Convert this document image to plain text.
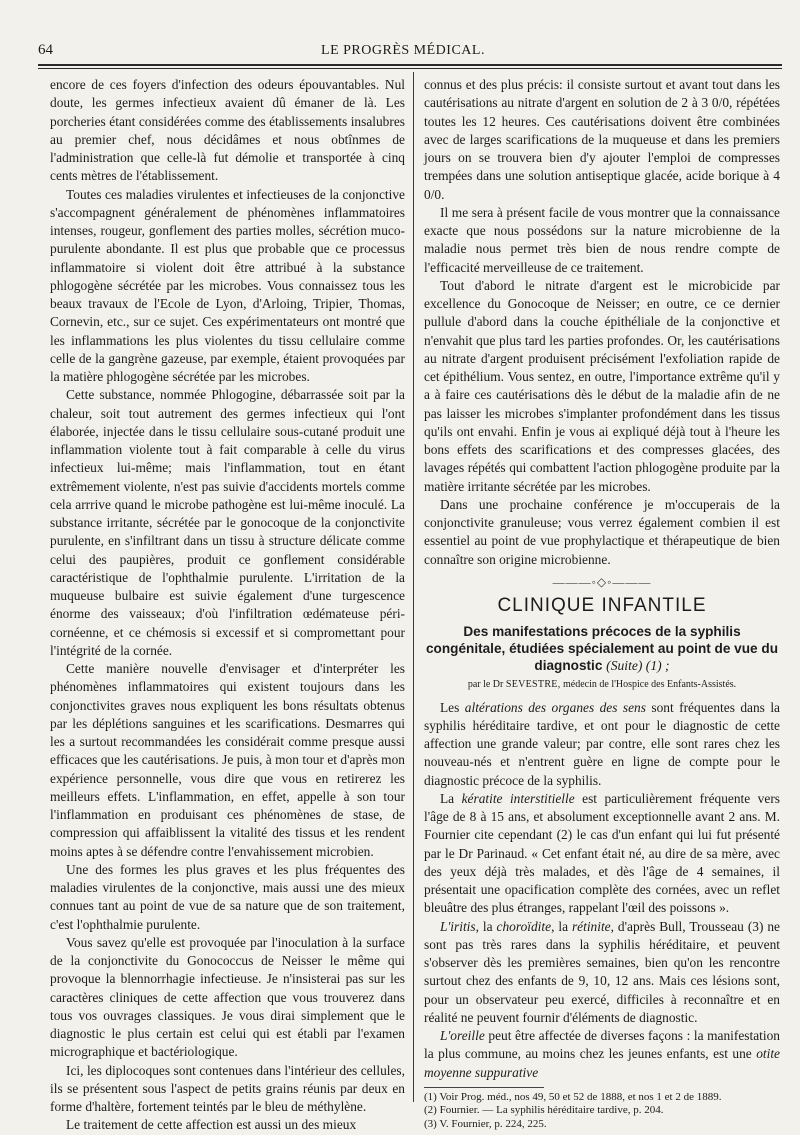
64	LE PROGRÈS MÉDICAL.

encore de ces foyers d'infection des odeurs épouvantables. Nul doute, les germes infectieux avaient dû émaner de là. Les porcheries étant considérées comme des établissements insalubres au premier chef, nous décidâmes et nous obtînmes de l'administration que celle-là fut démolie et transportée à cinq cents mètres de l'établissement.

Toutes ces maladies virulentes et infectieuses de la conjonctive s'accompagnent généralement de phénomènes inflammatoires intenses, rougeur, gonflement des parties molles, sécrétion muco-purulente abondante. Il est plus que probable que ce processus inflammatoire si violent doit être attribué à la substance phlogogène sécrétée par les microbes. Vous connaissez tous les beaux travaux de l'Ecole de Lyon, d'Arloing, Tripier, Thomas, Cornevin, etc., sur ce sujet. Ces expérimentateurs ont montré que les inflammations les plus violentes du tissu cellulaire comme celle de la gangrène gazeuse, par exemple, étaient provoquées par la matière phlogogène sécrétée par les microbes.

Cette substance, nommée Phlogogine, débarrassée soit par la chaleur, soit tout autrement des germes infectieux qui l'ont élaborée, injectée dans le tissu cellulaire sous-cutané produit une inflammation violente tout à fait comparable à celle du virus infectieux lui-même; mais l'inflammation, tout en étant extrêmement violente, n'est pas suivie d'accidents mortels comme cela arrrive quand le microbe pathogène est lui-même inoculé. La substance irritante, sécrétée par le gonocoque de la conjonctivite purulente, en s'infiltrant dans un tissu à structure délicate comme celui des paupières, produit ce gonflement considérable caractéristique de l'ophthalmie purulente. L'irritation de la muqueuse bulbaire est suivie également d'une turgescence énorme des vaisseaux; d'où l'infiltration œdémateuse péri-cornéenne, et ce chémosis si excessif et si compromettant pour l'intégrité de la cornée.

Cette manière nouvelle d'envisager et d'interpréter les phénomènes inflammatoires qui existent toujours dans les conjonctivites graves nous expliquent les bons résultats obtenus par les déplétions sanguines et les scarifications. Desmarres qui les a surtout recommandées les considérait comme presque aussi efficaces que les cautérisations. Je puis, à mon tour et d'après mon expérience personnelle, vous dire que vous en retirerez les meilleurs effets. L'inflammation, en effet, appelle à son tour l'inflammation en produisant ces phénomènes de stase, de compression qui affaiblissent la vitalité des tissus et les rendent moins aptes à se défendre contre l'envahissement microbien.

Une des formes les plus graves et les plus fréquentes des maladies virulentes de la conjonctive, mais aussi une des mieux connues tant au point de vue de sa nature que de son traitement, c'est l'ophthalmie purulente.

Vous savez qu'elle est provoquée par l'inoculation à la surface de la conjonctivite du Gonococcus de Neisser le même qui provoque la blennorrhagie infectieuse. Je n'insisterai pas sur les caractères cliniques de cette affection que vous trouverez dans tous vos ouvrages classiques. Je vous dirai simplement que le diagnostic le plus certain est celui qui est établi par l'examen micrographique et bactériologique.

Ici, les diplocoques sont contenues dans l'intérieur des cellules, ils se présentent sous l'aspect de petits grains réunis par deux en forme d'haltère, fortement teintés par le bleu de méthylène.

Le traitement de cette affection est aussi un des mieux

connus et des plus précis: il consiste surtout et avant tout dans les cautérisations au nitrate d'argent en solution de 2 à 3 0/0, répétées toutes les 12 heures. Ces cautérisations doivent être combinées avec de larges scarifications de la muqueuse et dans les premiers jours on se trouvera bien d'y ajouter l'emploi de compresses trempées dans une solution antiseptique glacée, acide borique à 4 0/0.

Il me sera à présent facile de vous montrer que la connaissance exacte que nous possédons sur la nature microbienne de la maladie nous permet très bien de nous rendre compte de l'efficacité merveilleuse de ce traitement.

Tout d'abord le nitrate d'argent est le microbicide par excellence du Gonocoque de Neisser; en outre, ce ce dernier pullule d'abord dans la couche épithéliale de la conjonctive et n'envahit que plus tard les parties profondes. Or, les cautérisations au nitrate d'argent produisent précisément l'exfoliation rapide de cet épithélium. Vous sentez, en outre, l'importance extrême qu'il y a à faire ces cautérisations dès le début de la maladie afin de ne pas laisser les microbes s'implanter profondément dans les tissus qu'ils ont envahi. Enfin je vous ai expliqué déjà tout à l'heure les bons effets des scarifications et des compresses glacées, des lavages répétés qui combattent l'action phlogogène produite par la matière irritante sécrétée par les microbes.

Dans une prochaine conférence je m'occuperais de la conjonctivite granuleuse; vous verrez également combien il est essentiel au point de vue prophylactique et thérapeutique de bien connaître son origine microbienne.

———◦◇◦———
CLINIQUE INFANTILE
Des manifestations précoces de la syphilis congénitale, étudiées spécialement au point de vue du diagnostic (Suite) (1) ;
par le Dr SEVESTRE, médecin de l'Hospice des Enfants-Assistés.

Les altérations des organes des sens sont fréquentes dans la syphilis héréditaire tardive, et ont pour le diagnostic de cette affection une grande valeur; par contre, elle sont rares chez les nouveau-nés et n'entrent guère en ligne de compte pour le diagnostic précoce de la syphilis.

La kératite interstitielle est particulièrement fréquente vers l'âge de 8 à 15 ans, et absolument exceptionnelle avant 2 ans. M. Fournier cite cependant (2) le cas d'un enfant qui lui fut présenté par le Dr Parinaud. « Cet enfant était né, au dire de sa mère, avec des yeux déjà très malades, et dès l'âge de 4 semaines, il présentait une opacification complète des cornées, avec un reflet bleuâtre des plus étranges, rappelant l'œil des poissons ».

L'iritis, la choroïdite, la rétinite, d'après Bull, Trousseau (3) ne sont pas très rares dans la syphilis héréditaire, et peuvent s'observer dès les premières semaines, bien qu'on les rencontre surtout chez des enfants de 9, 10, 12 ans. Mais ces lésions sont, pour un observateur peu exercé, difficiles à reconnaître et en réalité ne peuvent fournir d'éléments de diagnostic.

L'oreille peut être affectée de diverses façons : la manifestation la plus commune, au moins chez les jeunes enfants, est une otite moyenne suppurative

(1) Voir Prog. méd., nos 49, 50 et 52 de 1888, et nos 1 et 2 de 1889.
(2) Fournier. — La syphilis héréditaire tardive, p. 204.
(3) V. Fournier, p. 224, 225.
